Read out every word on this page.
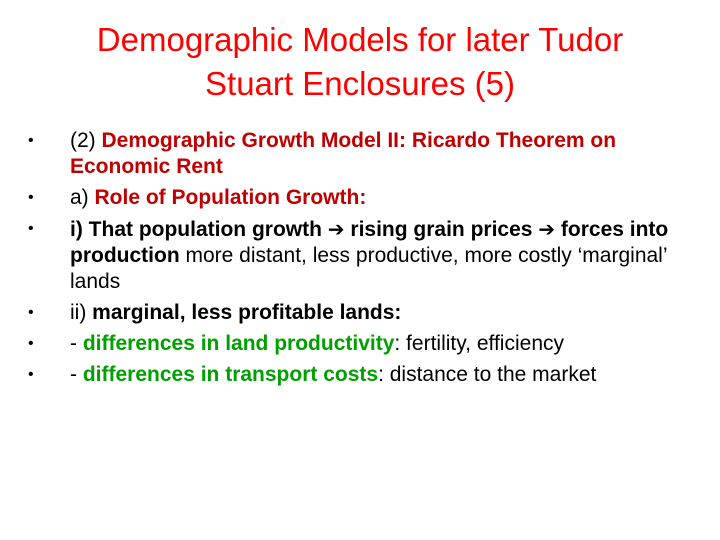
Demographic Models for later Tudor
Stuart Enclosures (5)
•	(2) Demographic Growth Model II: Ricardo Theorem on Economic Rent
•	a) Role of Population Growth:
•	i) That population growth ➔ rising grain prices ➔ forces into production more distant, less productive, more costly ‘marginal’ lands
•	ii) marginal, less profitable lands:
•	- differences in land productivity: fertility, efficiency
•	- differences in transport costs: distance to the market
